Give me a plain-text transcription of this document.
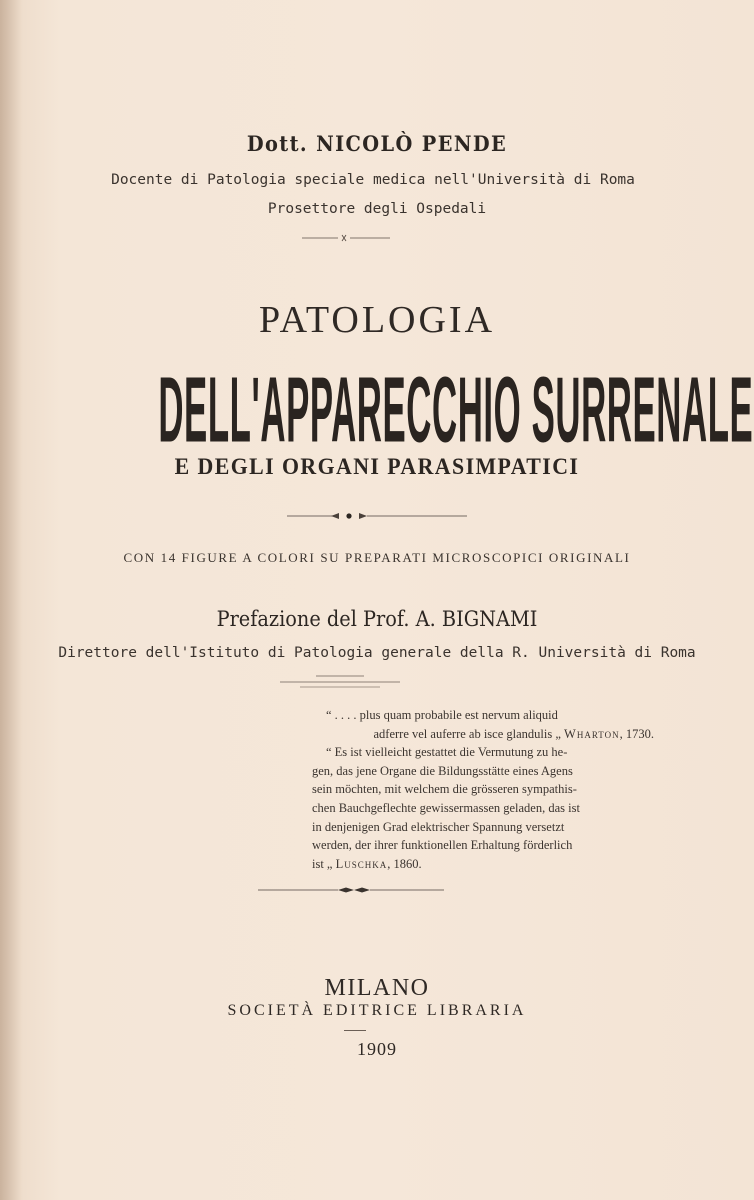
Dott. NICOLÒ PENDE
Docente di Patologia speciale medica nell'Università di Roma
Prosettore degli Ospedali
PATOLOGIA
DELL'APPARECCHIO SURRENALE
E DEGLI ORGANI PARASIMPATICI
CON 14 FIGURE A COLORI SU PREPARATI MICROSCOPICI ORIGINALI
Prefazione del Prof. A. BIGNAMI
Direttore dell'Istituto di Patologia generale della R. Università di Roma
“ . . . . plus quam probabile est nervum aliquid
adferre vel auferre ab isce glandulis „ Wharton, 1730.
“ Es ist vielleicht gestattet die Vermutung zu he-
gen, das jene Organe die Bildungsstätte eines Agens
sein möchten, mit welchem die grösseren sympathis-
chen Bauchgeflechte gewissermassen geladen, das ist
in denjenigen Grad elektrischer Spannung versetzt
werden, der ihrer funktionellen Erhaltung förderlich
ist „ Luschka, 1860.
MILANO
SOCIETÀ EDITRICE LIBRARIA
1909
